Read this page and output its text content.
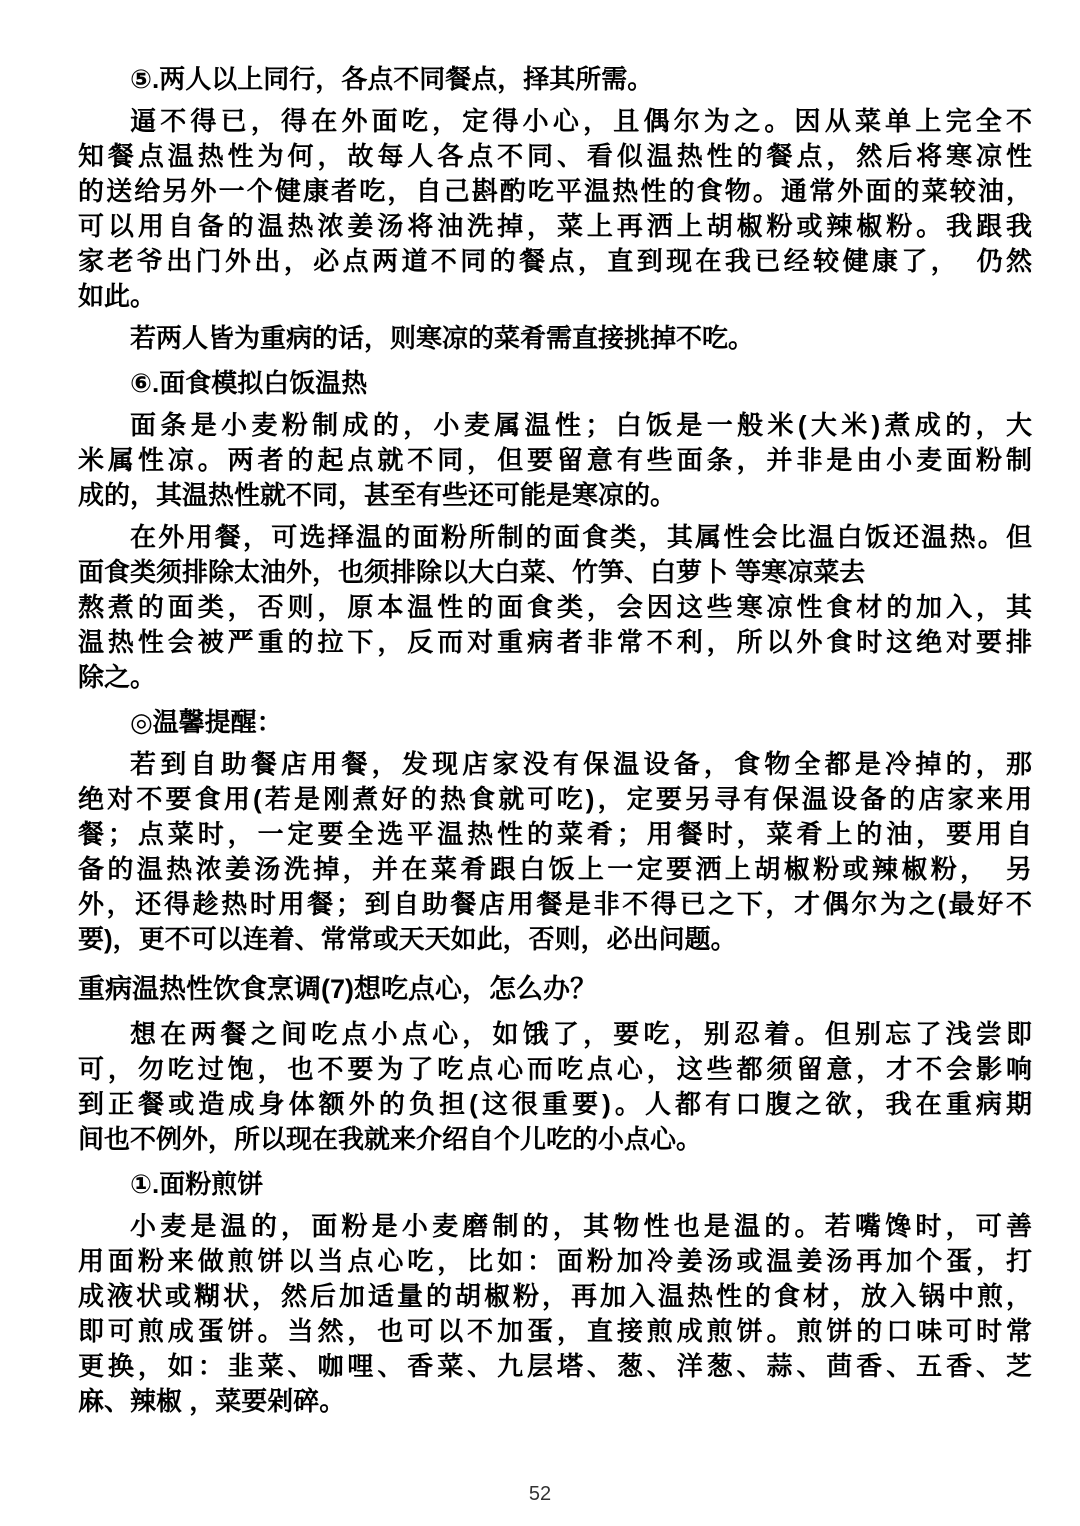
⑤.两人以上同行，各点不同餐点，择其所需。
逼不得已，得在外面吃，定得小心，且偶尔为之。因从菜单上完全不
知餐点温热性为何，故每人各点不同、看似温热性的餐点，然后将寒凉性
的送给另外一个健康者吃，自己斟酌吃平温热性的食物。通常外面的菜较油，
可以用自备的温热浓姜汤将油洗掉，菜上再洒上胡椒粉或辣椒粉。我跟我
家老爷出门外出，必点两道不同的餐点，直到现在我已经较健康了，　仍然
如此。
若两人皆为重病的话，则寒凉的菜肴需直接挑掉不吃。
⑥.面食模拟白饭温热
面条是小麦粉制成的，小麦属温性；白饭是一般米(大米)煮成的，大
米属性凉。两者的起点就不同，但要留意有些面条，并非是由小麦面粉制
成的，其温热性就不同，甚至有些还可能是寒凉的。
在外用餐，可选择温的面粉所制的面食类，其属性会比温白饭还温热。但
面食类须排除太油外，也须排除以大白菜、竹笋、白萝卜 等寒凉菜去
熬煮的面类，否则，原本温性的面食类，会因这些寒凉性食材的加入，其
温热性会被严重的拉下，反而对重病者非常不利，所以外食时这绝对要排
除之。
◎温馨提醒：
若到自助餐店用餐，发现店家没有保温设备，食物全都是冷掉的，那
绝对不要食用(若是刚煮好的热食就可吃)，定要另寻有保温设备的店家来用
餐；点菜时，一定要全选平温热性的菜肴；用餐时，菜肴上的油，要用自
备的温热浓姜汤洗掉，并在菜肴跟白饭上一定要洒上胡椒粉或辣椒粉，　另
外，还得趁热时用餐；到自助餐店用餐是非不得已之下，才偶尔为之(最好不
要)，更不可以连着、常常或天天如此，否则，必出问题。
重病温热性饮食烹调(7)想吃点心，怎么办？
想在两餐之间吃点小点心，如饿了，要吃，别忍着。但别忘了浅尝即
可，勿吃过饱，也不要为了吃点心而吃点心，这些都须留意，才不会影响
到正餐或造成身体额外的负担(这很重要)。人都有口腹之欲，我在重病期
间也不例外，所以现在我就来介绍自个儿吃的小点心。
①.面粉煎饼
小麦是温的，面粉是小麦磨制的，其物性也是温的。若嘴馋时，可善
用面粉来做煎饼以当点心吃，比如：面粉加冷姜汤或温姜汤再加个蛋，打
成液状或糊状，然后加适量的胡椒粉，再加入温热性的食材，放入锅中煎，
即可煎成蛋饼。当然，也可以不加蛋，直接煎成煎饼。煎饼的口味可时常
更换，如：韭菜、咖哩、香菜、九层塔、葱、洋葱、蒜、茴香、五香、芝
麻、辣椒 ，菜要剁碎。
52
